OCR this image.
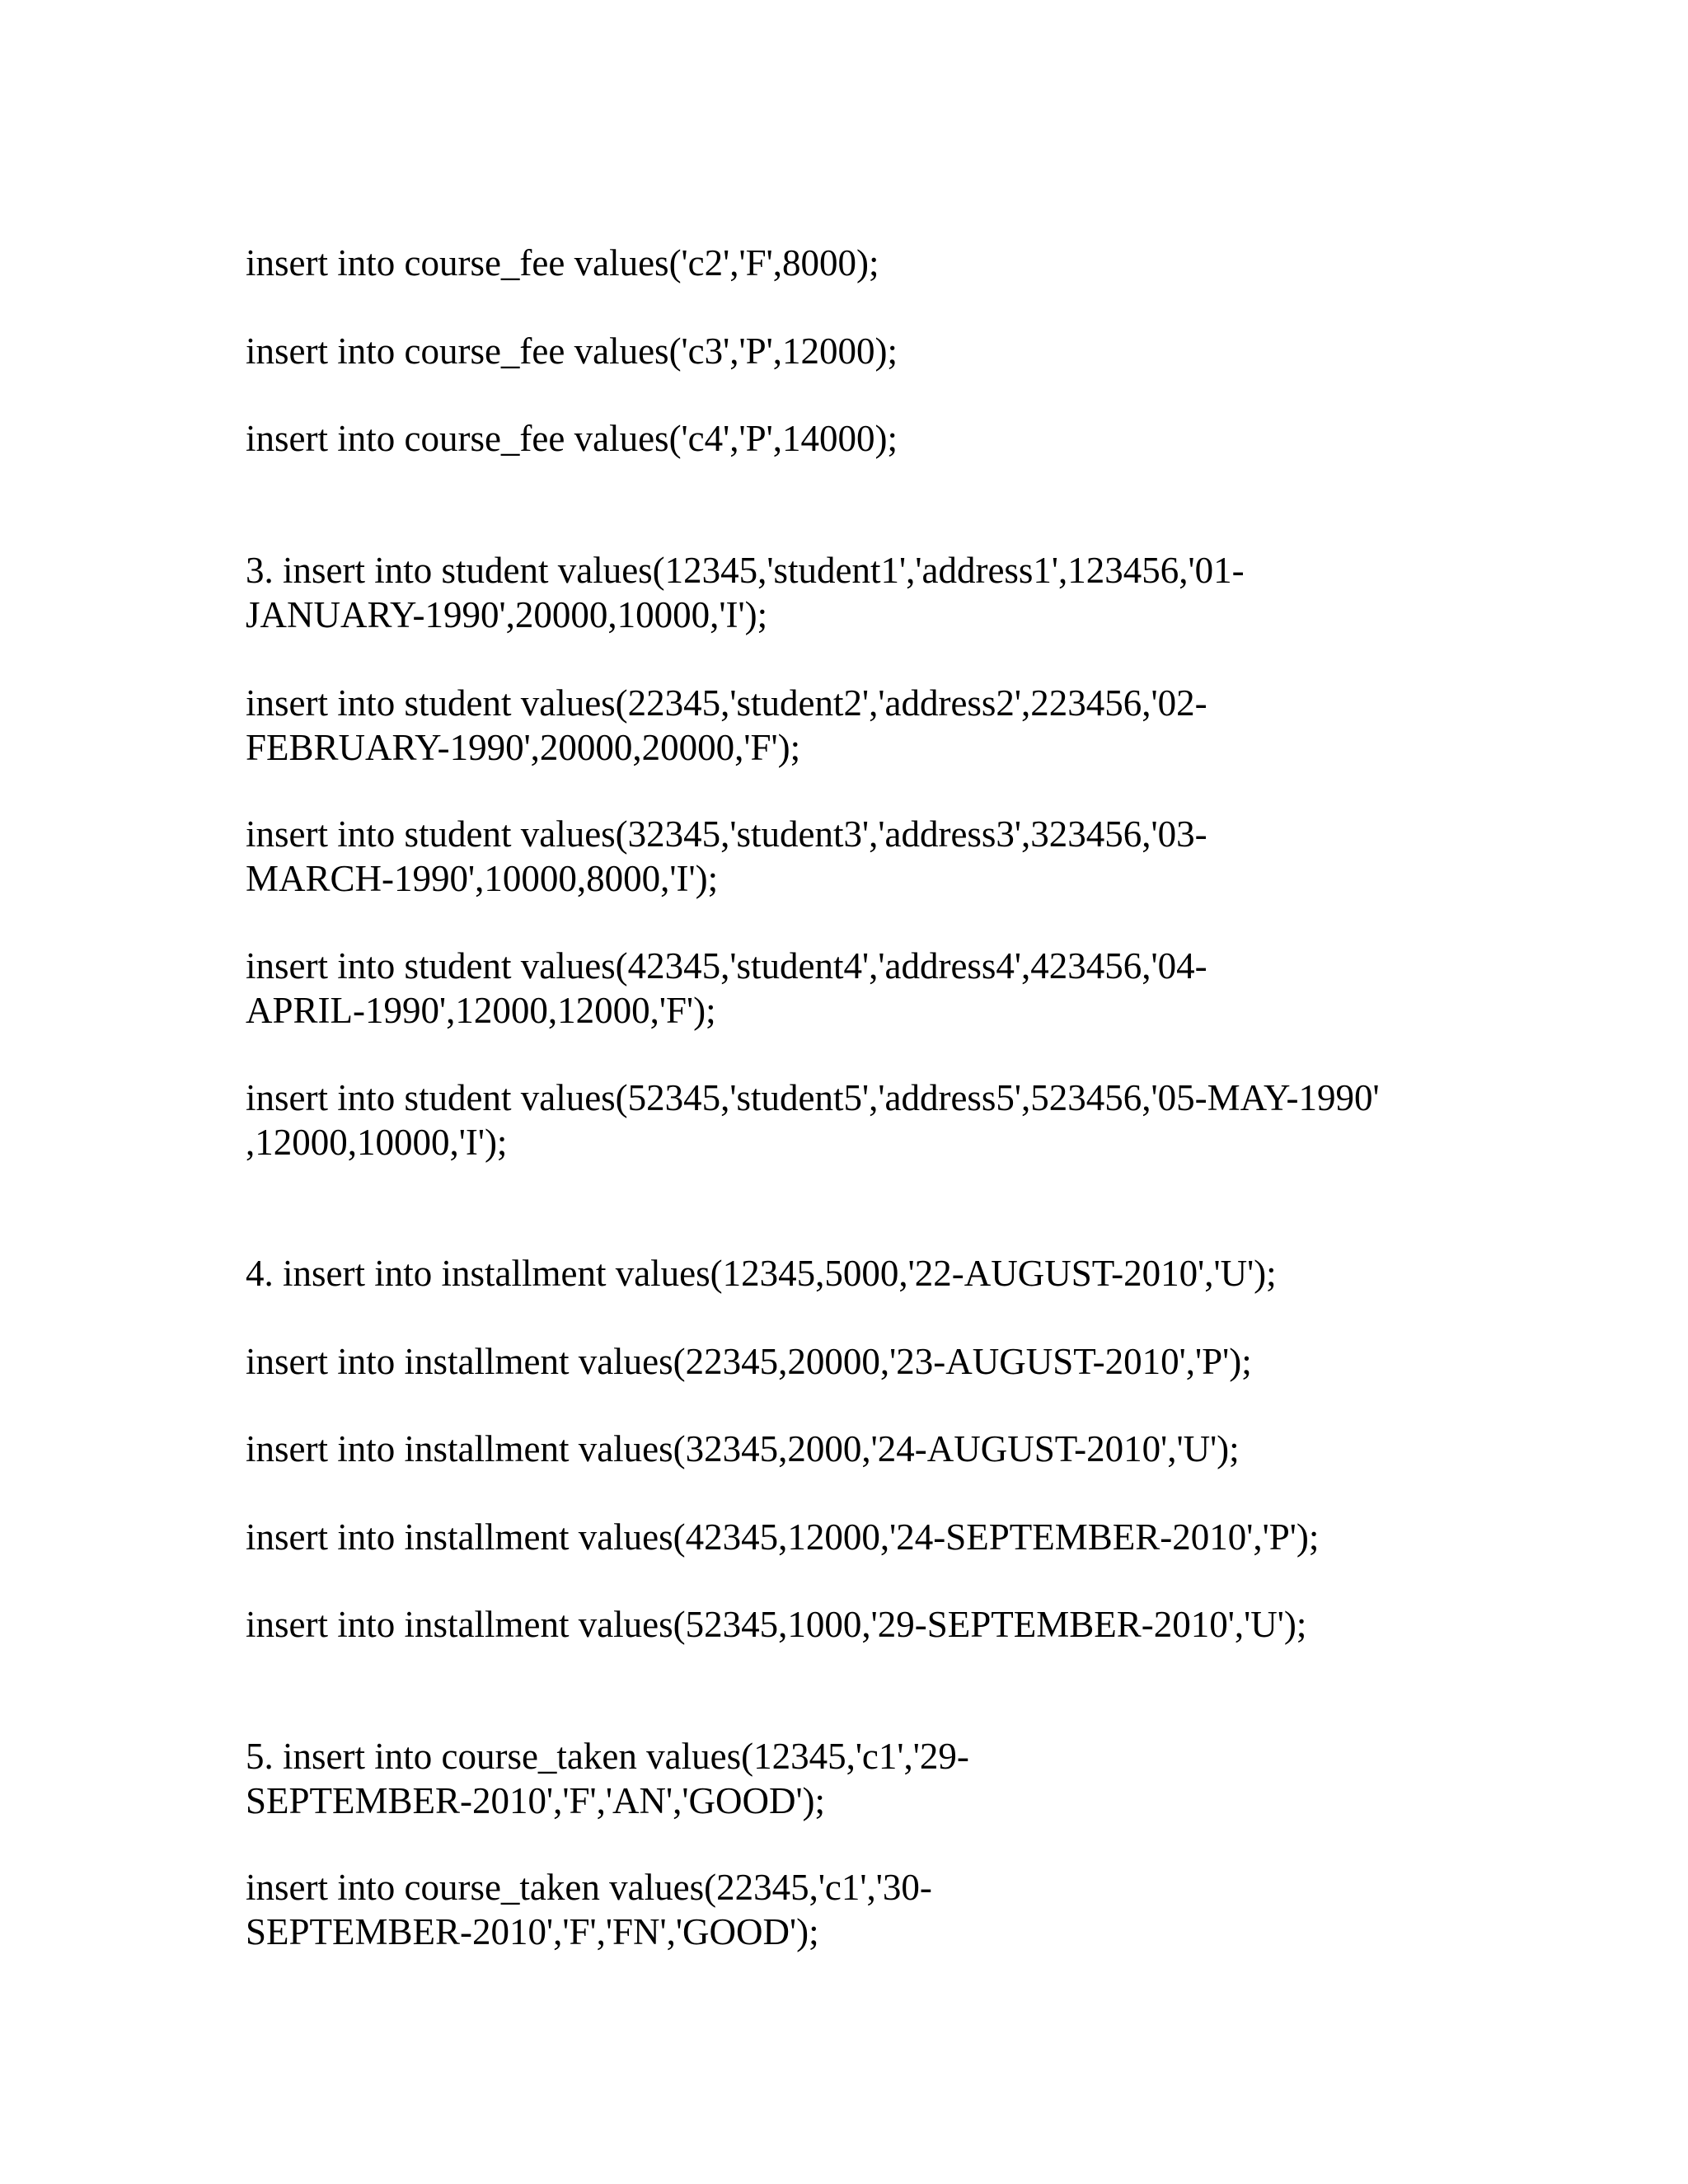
insert into course_fee values('c2','F',8000);
insert into course_fee values('c3','P',12000);
insert into course_fee values('c4','P',14000);
3. insert into student values(12345,'student1','address1',123456,'01-
JANUARY-1990',20000,10000,'I');
insert into student values(22345,'student2','address2',223456,'02-
FEBRUARY-1990',20000,20000,'F');
insert into student values(32345,'student3','address3',323456,'03-
MARCH-1990',10000,8000,'I');
insert into student values(42345,'student4','address4',423456,'04-
APRIL-1990',12000,12000,'F');
insert into student values(52345,'student5','address5',523456,'05-MAY-1990'
,12000,10000,'I');
4. insert into installment values(12345,5000,'22-AUGUST-2010','U');
insert into installment values(22345,20000,'23-AUGUST-2010','P');
insert into installment values(32345,2000,'24-AUGUST-2010','U');
insert into installment values(42345,12000,'24-SEPTEMBER-2010','P');
insert into installment values(52345,1000,'29-SEPTEMBER-2010','U');
5. insert into course_taken values(12345,'c1','29-
SEPTEMBER-2010','F','AN','GOOD');
insert into course_taken values(22345,'c1','30-
SEPTEMBER-2010','F','FN','GOOD');
